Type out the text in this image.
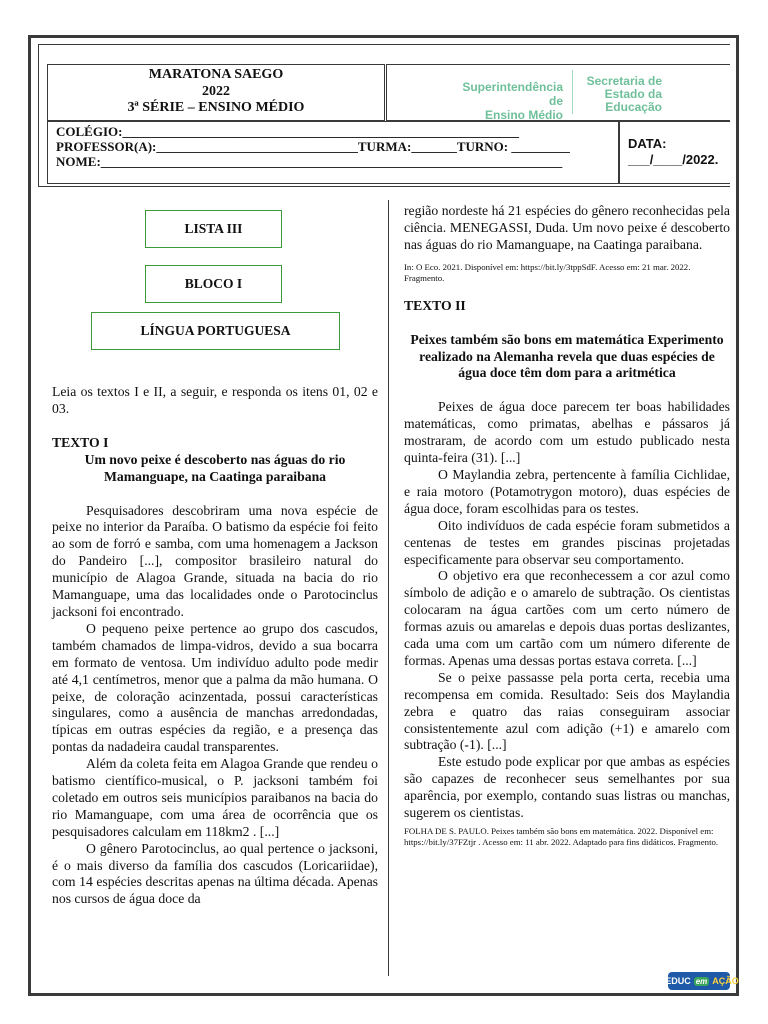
MARATONA SAEGO
2022
3ª SÉRIE – ENSINO MÉDIO
Superintendência de
Ensino Médio
Secretaria de
Estado da
Educação
COLÉGIO:_____________________________________________________________
PROFESSOR(A):_______________________________TURMA:_______TURNO: _________
NOME:_______________________________________________________________________
DATA:
___/____/2022.
LISTA III
BLOCO I
LÍNGUA PORTUGUESA

Leia os textos I e II, a seguir, e responda os itens 01, 02 e 03.

TEXTO I

Um novo peixe é descoberto nas águas do rio Mamanguape, na Caatinga paraibana

Pesquisadores descobriram uma nova espécie de peixe no interior da Paraíba. O batismo da espécie foi feito ao som de forró e samba, com uma homenagem a Jackson do Pandeiro [...], compositor brasileiro natural do município de Alagoa Grande, situada na bacia do rio Mamanguape, uma das localidades onde o Parotocinclus jacksoni foi encontrado.

O pequeno peixe pertence ao grupo dos cascudos, também chamados de limpa-vidros, devido a sua bocarra em formato de ventosa. Um indivíduo adulto pode medir até 4,1 centímetros, menor que a palma da mão humana. O peixe, de coloração acinzentada, possui características singulares, como a ausência de manchas arredondadas, típicas em outras espécies da região, e a presença das pontas da nadadeira caudal transparentes.

Além da coleta feita em Alagoa Grande que rendeu o batismo científico-musical, o P. jacksoni também foi coletado em outros seis municípios paraibanos na bacia do rio Mamanguape, com uma área de ocorrência que os pesquisadores calculam em 118km2 . [...]

O gênero Parotocinclus, ao qual pertence o jacksoni, é o mais diverso da família dos cascudos (Loricariidae), com 14 espécies descritas apenas na última década. Apenas nos cursos de água doce da

região nordeste há 21 espécies do gênero reconhecidas pela ciência. MENEGASSI, Duda. Um novo peixe é descoberto nas águas do rio Mamanguape, na Caatinga paraibana.

In: O Eco. 2021. Disponível em: https://bit.ly/3tppSdF. Acesso em: 21 mar. 2022. Fragmento.

TEXTO II

Peixes também são bons em matemática Experimento realizado na Alemanha revela que duas espécies de água doce têm dom para a aritmética

Peixes de água doce parecem ter boas habilidades matemáticas, como primatas, abelhas e pássaros já mostraram, de acordo com um estudo publicado nesta quinta-feira (31). [...]

O Maylandia zebra, pertencente à família Cichlidae, e raia motoro (Potamotrygon motoro), duas espécies de água doce, foram escolhidas para os testes.

Oito indivíduos de cada espécie foram submetidos a centenas de testes em grandes piscinas projetadas especificamente para observar seu comportamento.

O objetivo era que reconhecessem a cor azul como símbolo de adição e o amarelo de subtração. Os cientistas colocaram na água cartões com um certo número de formas azuis ou amarelas e depois duas portas deslizantes, cada uma com um cartão com um número diferente de formas. Apenas uma dessas portas estava correta. [...]

Se o peixe passasse pela porta certa, recebia uma recompensa em comida. Resultado: Seis dos Maylandia zebra e quatro das raias conseguiram associar consistentemente azul com adição (+1) e amarelo com subtração (-1). [...]

Este estudo pode explicar por que ambas as espécies são capazes de reconhecer seus semelhantes por sua aparência, por exemplo, contando suas listras ou manchas, sugerem os cientistas.

FOLHA DE S. PAULO. Peixes também são bons em matemática. 2022. Disponível em: https://bit.ly/37FZtjr . Acesso em: 11 abr. 2022. Adaptado para fins didáticos. Fragmento.

SEDUC em AÇÃO
